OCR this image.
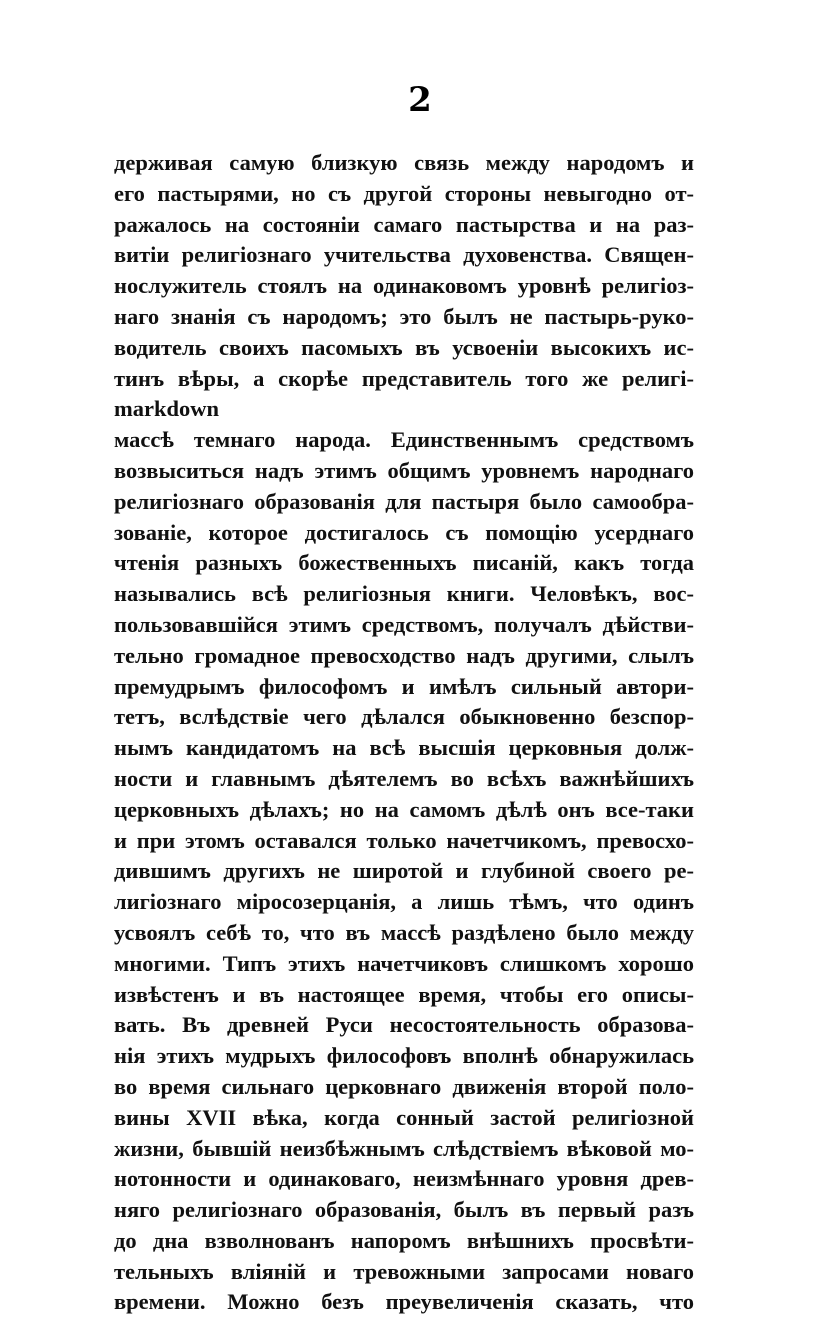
2
держивая самую близкую связь между народомъ и
его пастырями, но съ другой стороны невыгодно от-
ражалось на состоянiи самаго пастырства и на раз-
витiи религiознаго учительства духовенства. Священ-
нослужитель стоялъ на одинаковомъ уровнѣ религiоз-
наго знанiя съ народомъ; это былъ не пастырь-руко-
водитель своихъ пасомыхъ въ усвоенiи высокихъ ис-
тинъ вѣры, а скорѣе представитель того же религi-
markdown
массѣ темнаго народа. Единственнымъ средствомъ
возвыситься надъ этимъ общимъ уровнемъ народнаго
религiознаго образованiя для пастыря было самообра-
зованiе, которое достигалось съ помощiю усерднаго
чтенiя разныхъ божественныхъ писанiй, какъ тогда
назывались всѣ религiозныя книги. Человѣкъ, вос-
пользовавшiйся этимъ средствомъ, получалъ дѣйстви-
тельно громадное превосходство надъ другими, слылъ
премудрымъ философомъ и имѣлъ сильный автори-
тетъ, вслѣдствiе чего дѣлался обыкновенно безспор-
нымъ кандидатомъ на всѣ высшiя церковныя долж-
ности и главнымъ дѣятелемъ во всѣхъ важнѣйшихъ
церковныхъ дѣлахъ; но на самомъ дѣлѣ онъ все-таки
и при этомъ оставался только начетчикомъ, превосхо-
дившимъ другихъ не широтой и глубиной своего ре-
лигiознаго мiросозерцанiя, а лишь тѣмъ, что одинъ
усвоялъ себѣ то, что въ массѣ раздѣлено было между
многими. Типъ этихъ начетчиковъ слишкомъ хорошо
извѣстенъ и въ настоящее время, чтобы его описы-
вать. Въ древней Руси несостоятельность образова-
нiя этихъ мудрыхъ философовъ вполнѣ обнаружилась
во время сильнаго церковнаго движенiя второй поло-
вины XVII вѣка, когда сонный застой религiозной
жизни, бывшiй неизбѣжнымъ слѣдствiемъ вѣковой мо-
нотонности и одинаковаго, неизмѣннаго уровня древ-
няго религiознаго образованiя, былъ въ первый разъ
до дна взволнованъ напоромъ внѣшнихъ просвѣти-
тельныхъ влiянiй и тревожными запросами новаго
времени. Можно безъ преувеличенiя сказать, что
